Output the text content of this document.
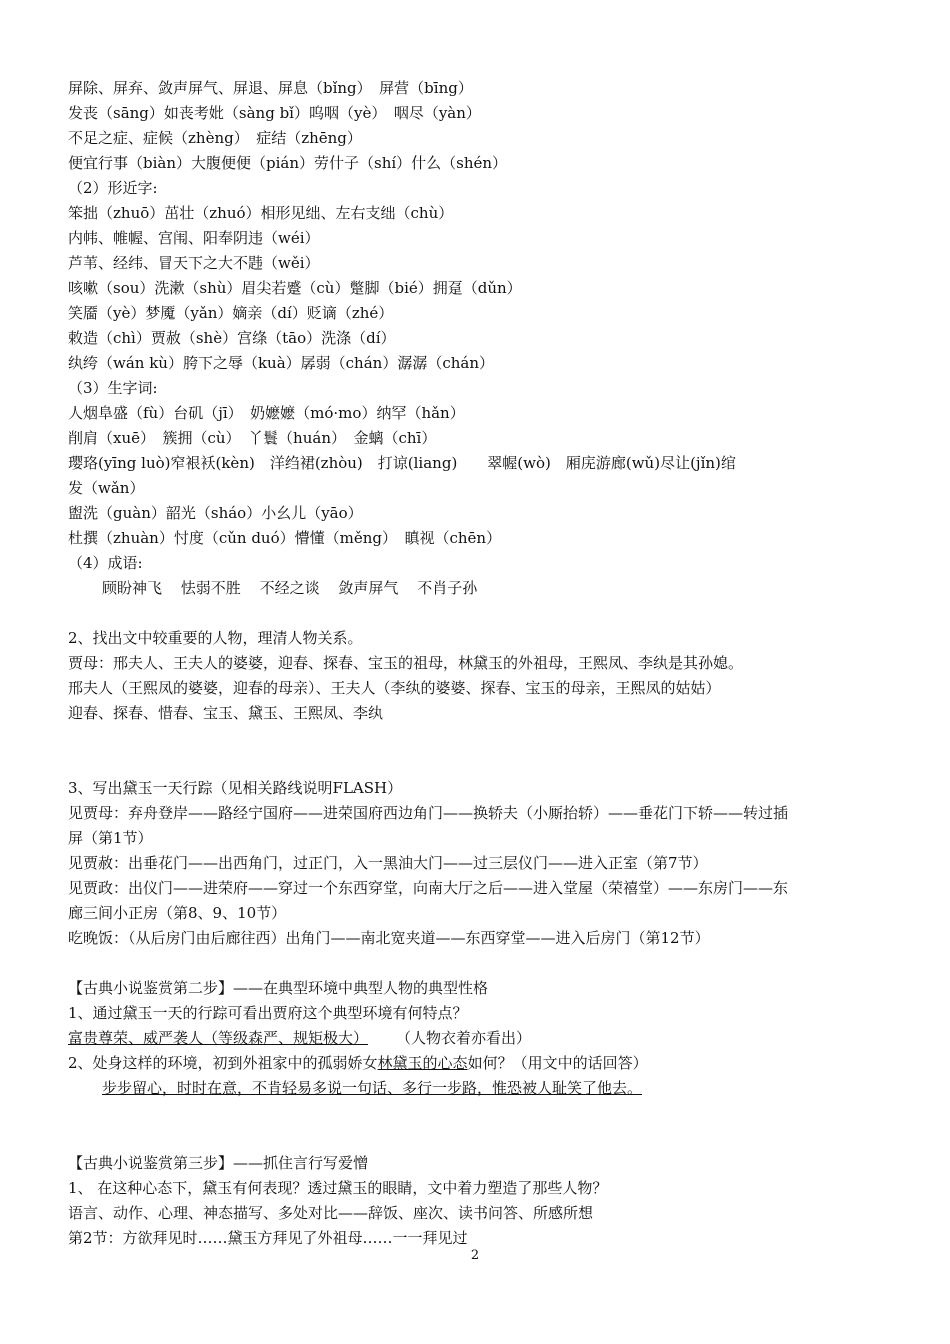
屏除、屏弃、敛声屏气、屏退、屏息（bǐng）　屏营（bīng）
发丧（sāng）如丧考妣（sàng bǐ）呜咽（yè）　咽尽（yàn）
不足之症、症候（zhèng）　症结（zhēng）
便宜行事（biàn）大腹便便（pián）劳什子（shí）什么（shén）
（2）形近字:
笨拙（zhuō）茁壮（zhuó）相形见绌、左右支绌（chù）
内帏、帷幄、宫闱、阳奉阴违（wéi）
芦苇、经纬、冒天下之大不韪（wěi）
咳嗽（sou）洗漱（shù）眉尖若蹙（cù）蹩脚（bié）拥趸（dǔn）
笑靥（yè）梦魇（yǎn）嫡亲（dí）贬谪（zhé）
敕造（chì）贾赦（shè）宫绦（tāo）洗涤（dí）
纨绔（wán kù）胯下之辱（kuà）孱弱（chán）潺潺（chán）
（3）生字词:
人烟阜盛（fù）台矶（jī）　奶嬷嬷（mó·mo）纳罕（hǎn）
削肩（xuē）　簇拥（cù）　丫鬟（huán）　金螭（chī）
璎珞(yīng luò)窄裉袄(kèn)　洋绉裙(zhòu)　打谅(liang)　　翠幄(wò)　厢庑游廊(wǔ)尽让(jǐn)绾
发（wǎn）
盥洗（guàn）韶光（sháo）小幺儿（yāo）
杜撰（zhuàn）忖度（cǔn duó）懵懂（měng）　瞋视（chēn）
（4）成语:
顾盼神飞 怯弱不胜 不经之谈 敛声屏气 不肖子孙
2、找出文中较重要的人物，理清人物关系。
贾母：邢夫人、王夫人的婆婆，迎春、探春、宝玉的祖母，林黛玉的外祖母，王熙凤、李纨是其孙媳。
邢夫人（王熙凤的婆婆，迎春的母亲）、王夫人（李纨的婆婆、探春、宝玉的母亲，王熙凤的姑姑）
迎春、探春、惜春、宝玉、黛玉、王熙凤、李纨
3、写出黛玉一天行踪（见相关路线说明FLASH）
见贾母：弃舟登岸——路经宁国府——进荣国府西边角门——换轿夫（小厮抬轿）——垂花门下轿——转过插
屏（第1节）
见贾赦：出垂花门——出西角门，过正门，入一黑油大门——过三层仪门——进入正室（第7节）
见贾政：出仪门——进荣府——穿过一个东西穿堂，向南大厅之后——进入堂屋（荣禧堂）——东房门——东
廊三间小正房（第8、9、10节）
吃晚饭：（从后房门由后廊往西）出角门——南北宽夹道——东西穿堂——进入后房门（第12节）
【古典小说鉴赏第二步】——在典型环境中典型人物的典型性格
1、通过黛玉一天的行踪可看出贾府这个典型环境有何特点？
富贵尊荣、威严袭人（等级森严、规矩极大） （人物衣着亦看出）
2、处身这样的环境，初到外祖家中的孤弱娇女林黛玉的心态如何？（用文中的话回答）
步步留心，时时在意，不肯轻易多说一句话、多行一步路，惟恐被人耻笑了他去。
【古典小说鉴赏第三步】——抓住言行写爱憎
1、 在这种心态下，黛玉有何表现？透过黛玉的眼睛，文中着力塑造了那些人物？
语言、动作、心理、神态描写、多处对比——辞饭、座次、读书问答、所感所想
第2节：方欲拜见时……黛玉方拜见了外祖母……一一拜见过
2
